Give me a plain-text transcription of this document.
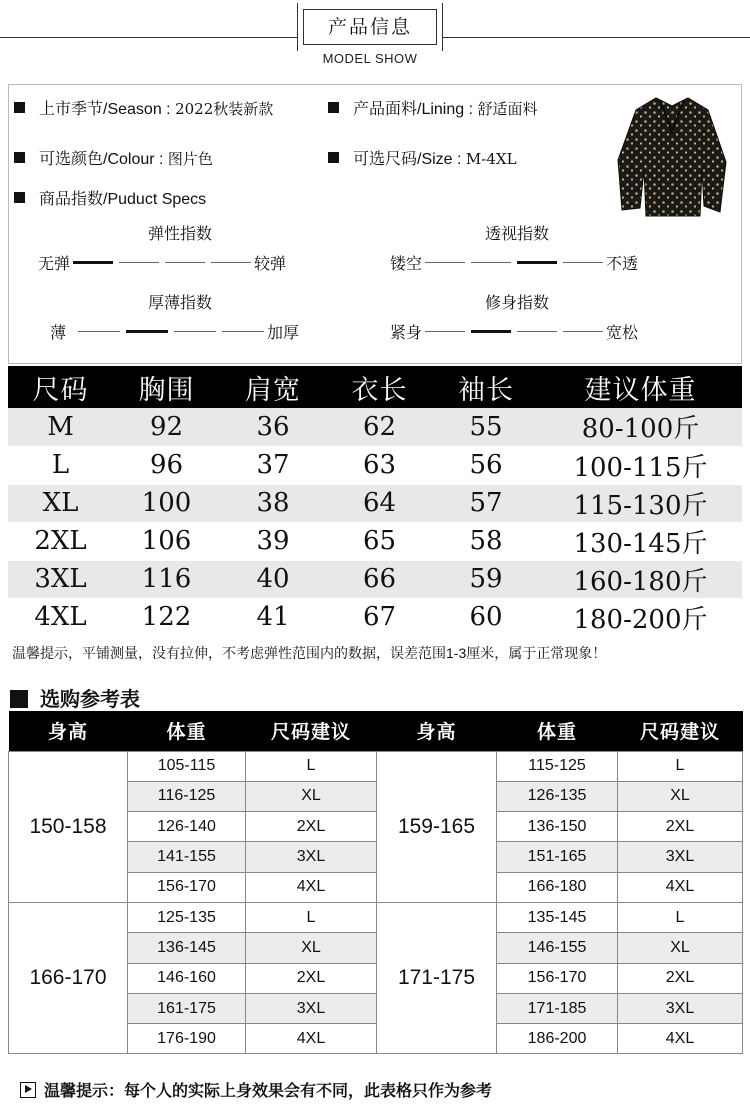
产品信息
MODEL SHOW
上市季节/Season : 2022秋装新款	产品面料/Lining : 舒适面料
可选颜色/Colour : 图片色	可选尺码/Size : M-4XL
商品指数/Puduct Specs
弹性指数
无弹	较弹
透视指数
镂空	不透
厚薄指数
薄	加厚
修身指数
紧身	宽松
尺码	胸围	肩宽	衣长	袖长	建议体重
M	92	36	62	55	80-100斤
L	96	37	63	56	100-115斤
XL	100	38	64	57	115-130斤
2XL	106	39	65	58	130-145斤
3XL	116	40	66	59	160-180斤
4XL	122	41	67	60	180-200斤
温馨提示，平铺测量，没有拉伸，不考虑弹性范围内的数据，误差范围1-3厘米，属于正常现象！
选购参考表
身高	体重	尺码建议	身高	体重	尺码建议
150-158	105-115	L	159-165	115-125	L
	116-125	XL		126-135	XL
	126-140	2XL		136-150	2XL
	141-155	3XL		151-165	3XL
	156-170	4XL		166-180	4XL
166-170	125-135	L	171-175	135-145	L
	136-145	XL		146-155	XL
	146-160	2XL		156-170	2XL
	161-175	3XL		171-185	3XL
	176-190	4XL		186-200	4XL
温馨提示：每个人的实际上身效果会有不同，此表格只作为参考
